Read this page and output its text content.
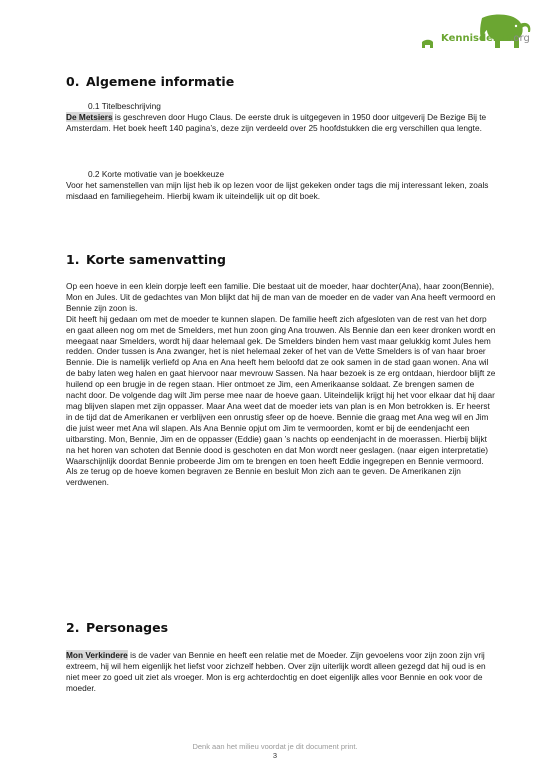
Kennisdelen.org
0. Algemene informatie
0.1 Titelbeschrijving
De Metsiers is geschreven door Hugo Claus. De eerste druk is uitgegeven in 1950 door uitgeverij De Bezige Bij te Amsterdam. Het boek heeft 140 pagina’s, deze zijn verdeeld over 25 hoofdstukken die erg verschillen qua lengte.
0.2 Korte motivatie van je boekkeuze
Voor het samenstellen van mijn lijst heb ik op lezen voor de lijst gekeken onder tags die mij interessant leken, zoals misdaad en familiegeheim. Hierbij kwam ik uiteindelijk uit op dit boek.
1. Korte samenvatting

Op een hoeve in een klein dorpje leeft een familie. Die bestaat uit de moeder, haar dochter(Ana), haar zoon(Bennie), Mon en Jules. Uit de gedachtes van Mon blijkt dat hij de man van de moeder en de vader van Ana heeft vermoord en Bennie zijn zoon is.

Dit heeft hij gedaan om met de moeder te kunnen slapen. De familie heeft zich afgesloten van de rest van het dorp en gaat alleen nog om met de Smelders, met hun zoon ging Ana trouwen. Als Bennie dan een keer dronken wordt en meegaat naar Smelders, wordt hij daar helemaal gek. De Smelders binden hem vast maar gelukkig komt Jules hem redden. Onder tussen is Ana zwanger, het is niet helemaal zeker of het van de Vette Smelders is of van haar broer Bennie. Die is namelijk verliefd op Ana en Ana heeft hem beloofd dat ze ook samen in de stad gaan wonen. Ana wil de baby laten weg halen en gaat hiervoor naar mevrouw Sassen. Na haar bezoek is ze erg ontdaan, hierdoor blijft ze huilend op een brugje in de regen staan. Hier ontmoet ze Jim, een Amerikaanse soldaat. Ze brengen samen de nacht door. De volgende dag wilt Jim perse mee naar de hoeve gaan. Uiteindelijk krijgt hij het voor elkaar dat hij daar mag blijven slapen met zijn oppasser. Maar Ana weet dat de moeder iets van plan is en Mon betrokken is. Er heerst in de tijd dat de Amerikanen er verblijven een onrustig sfeer op de hoeve. Bennie die graag met Ana weg wil en Jim die juist weer met Ana wil slapen. Als Ana Bennie opjut om Jim te vermoorden, komt er bij de eendenjacht een uitbarsting. Mon, Bennie, Jim en de oppasser (Eddie) gaan ’s nachts op eendenjacht in de moerassen. Hierbij blijkt na het horen van schoten dat Bennie dood is geschoten en dat Mon wordt neer geslagen. (naar eigen interpretatie) Waarschijnlijk doordat Bennie probeerde Jim om te brengen en toen heeft Eddie ingegrepen en Bennie vermoord. Als ze terug op de hoeve komen begraven ze Bennie en besluit Mon zich aan te geven. De Amerikanen zijn verdwenen.

2. Personages
Mon Verkindere is de vader van Bennie en heeft een relatie met de Moeder. Zijn gevoelens voor zijn zoon zijn vrij extreem, hij wil hem eigenlijk het liefst voor zichzelf hebben. Over zijn uiterlijk wordt alleen gezegd dat hij oud is en niet meer zo goed uit ziet als vroeger. Mon is erg achterdochtig en doet eigenlijk alles voor Bennie en ook voor de moeder.
Denk aan het milieu voordat je dit document print.
3
